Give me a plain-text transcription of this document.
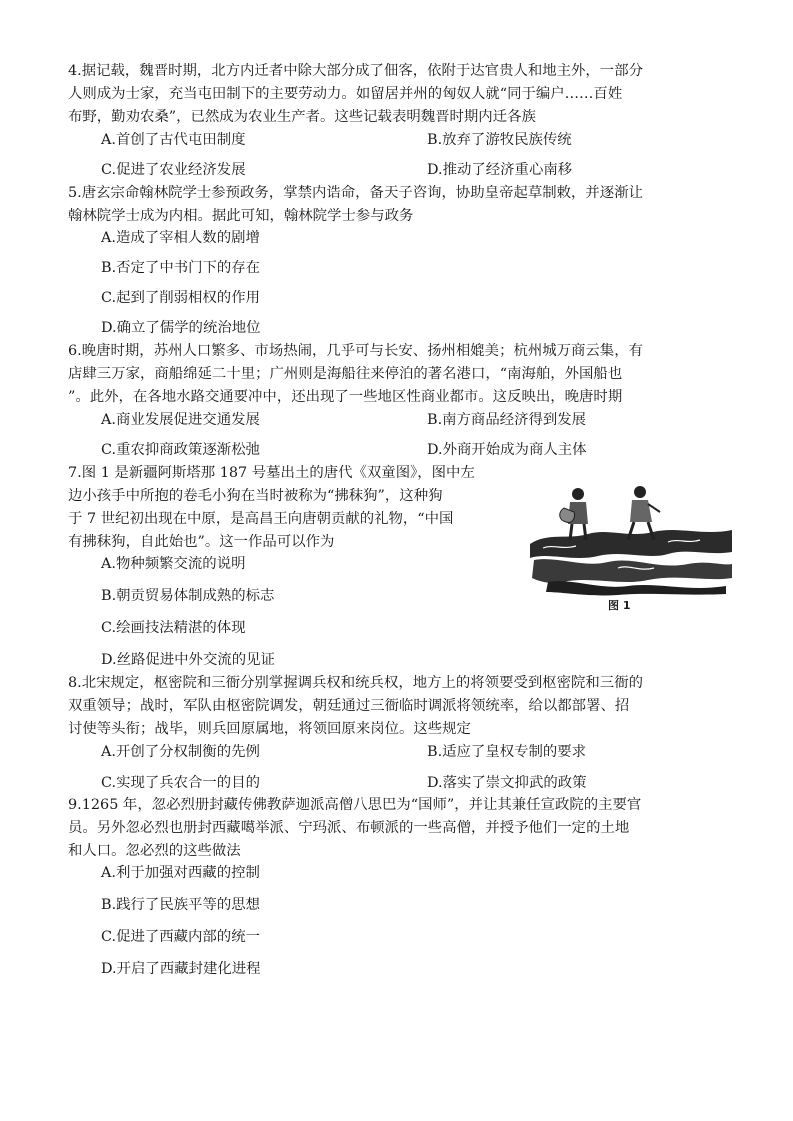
4.据记载，魏晋时期，北方内迁者中除大部分成了佃客，依附于达官贵人和地主外，一部分
人则成为士家，充当屯田制下的主要劳动力。如留居并州的匈奴人就“同于编户……百姓
布野，勤劝农桑”，已然成为农业生产者。这些记载表明魏晋时期内迁各族
A.首创了古代屯田制度	B.放弃了游牧民族传统
C.促进了农业经济发展	D.推动了经济重心南移
5.唐玄宗命翰林院学士参预政务，掌禁内诰命，备天子咨询，协助皇帝起草制敕，并逐渐让
翰林院学士成为内相。据此可知，翰林院学士参与政务
A.造成了宰相人数的剧增
B.否定了中书门下的存在
C.起到了削弱相权的作用
D.确立了儒学的统治地位
6.晚唐时期，苏州人口繁多、市场热闹，几乎可与长安、扬州相媲美；杭州城万商云集，有
店肆三万家，商船绵延二十里；广州则是海船往来停泊的著名港口，“南海舶，外国船也
”。此外，在各地水路交通要冲中，还出现了一些地区性商业都市。这反映出，晚唐时期
A.商业发展促进交通发展	B.南方商品经济得到发展
C.重农抑商政策逐渐松弛	D.外商开始成为商人主体
7.图 1 是新疆阿斯塔那 187 号墓出土的唐代《双童图》，图中左
边小孩手中所抱的卷毛小狗在当时被称为“拂秣狗”，这种狗
于 7 世纪初出现在中原，是高昌王向唐朝贡献的礼物，“中国
有拂秣狗，自此始也”。这一作品可以作为
A.物种频繁交流的说明
B.朝贡贸易体制成熟的标志
C.绘画技法精湛的体现
D.丝路促进中外交流的见证
图 1
8.北宋规定，枢密院和三衙分别掌握调兵权和统兵权，地方上的将领要受到枢密院和三衙的
双重领导；战时，军队由枢密院调发，朝廷通过三衙临时调派将领统率，给以都部署、招
讨使等头衔；战毕，则兵回原属地，将领回原来岗位。这些规定
A.开创了分权制衡的先例	B.适应了皇权专制的要求
C.实现了兵农合一的目的	D.落实了崇文抑武的政策
9.1265 年，忽必烈册封藏传佛教萨迦派高僧八思巴为“国师”，并让其兼任宣政院的主要官
员。另外忽必烈也册封西藏噶举派、宁玛派、布顿派的一些高僧，并授予他们一定的土地
和人口。忽必烈的这些做法
A.利于加强对西藏的控制
B.践行了民族平等的思想
C.促进了西藏内部的统一
D.开启了西藏封建化进程
